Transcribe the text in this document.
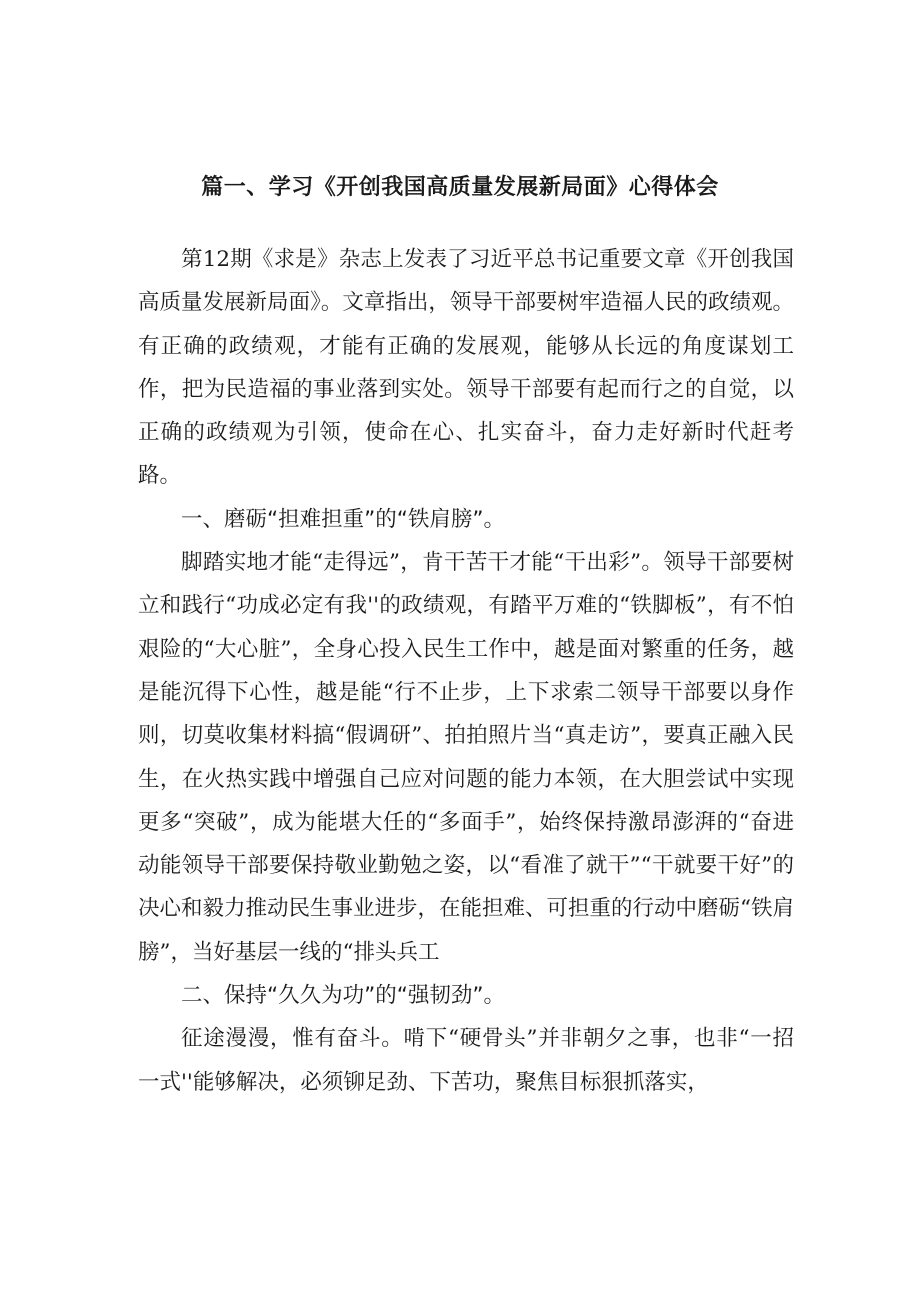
篇一、学习《开创我国高质量发展新局面》心得体会

第12期《求是》杂志上发表了习近平总书记重要文章《开创我国高质量发展新局面》。文章指出，领导干部要树牢造福人民的政绩观。有正确的政绩观，才能有正确的发展观，能够从长远的角度谋划工作，把为民造福的事业落到实处。领导干部要有起而行之的自觉，以正确的政绩观为引领，使命在心、扎实奋斗，奋力走好新时代赶考路。

一、磨砺“担难担重”的“铁肩膀”。

脚踏实地才能“走得远”，肯干苦干才能“干出彩”。领导干部要树立和践行“功成必定有我''的政绩观，有踏平万难的“铁脚板”，有不怕艰险的“大心脏”，全身心投入民生工作中，越是面对繁重的任务，越是能沉得下心性，越是能“行不止步，上下求索二领导干部要以身作则，切莫收集材料搞“假调研”、拍拍照片当“真走访”，要真正融入民生，在火热实践中增强自己应对问题的能力本领，在大胆尝试中实现更多“突破”，成为能堪大任的“多面手”，始终保持激昂澎湃的“奋进动能领导干部要保持敬业勤勉之姿，以“看准了就干”“干就要干好”的决心和毅力推动民生事业进步，在能担难、可担重的行动中磨砺“铁肩膀”，当好基层一线的“排头兵工

二、保持“久久为功”的“强韧劲”。

征途漫漫，惟有奋斗。啃下“硬骨头”并非朝夕之事，也非“一招一式''能够解决，必须铆足劲、下苦功，聚焦目标狠抓落实，
